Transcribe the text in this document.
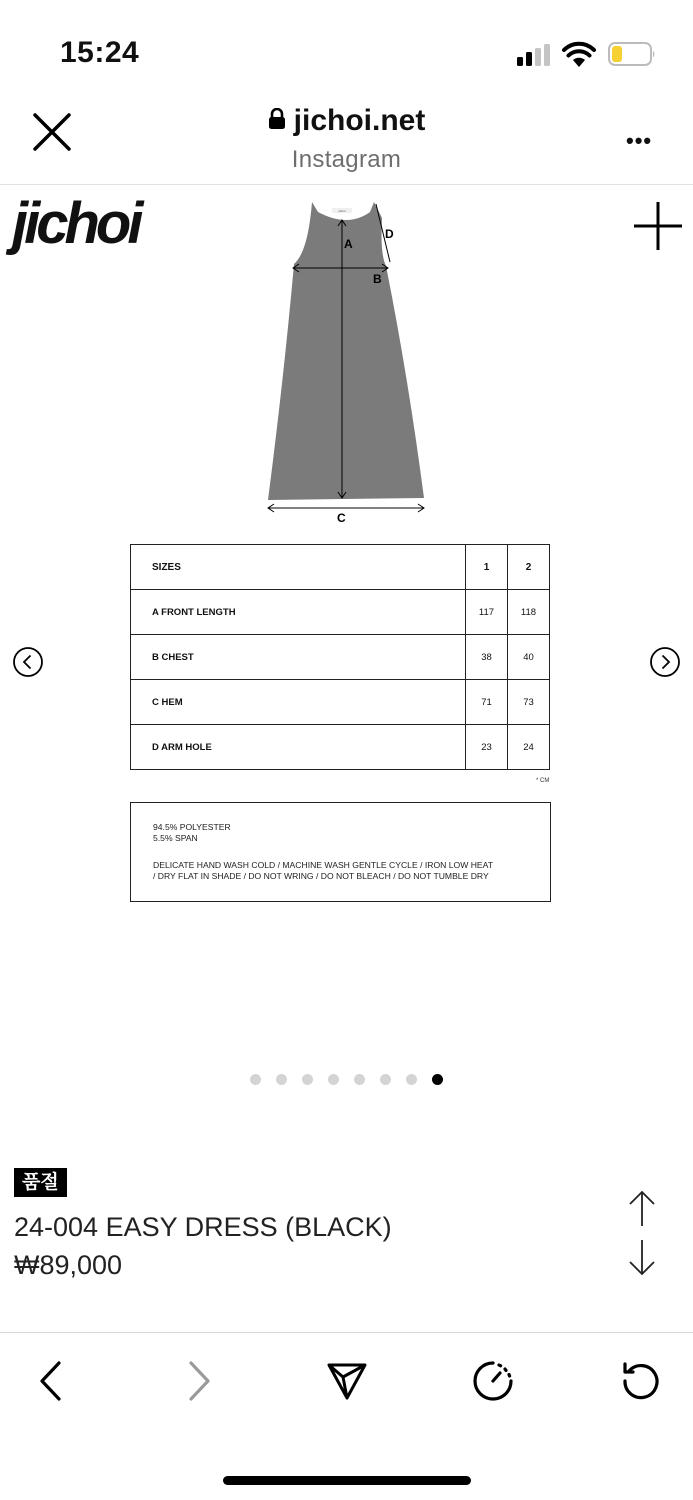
15:24
jichoi.net
Instagram
•••
jichoi	jichoi
A
B
C
D
SIZES	1	2
A FRONT LENGTH	117	118
B CHEST	38	40
C HEM	71	73
D ARM HOLE	23	24
* CM
94.5% POLYESTER
5.5% SPAN
DELICATE HAND WASH COLD / MACHINE WASH GENTLE CYCLE / IRON LOW HEAT
/ DRY FLAT IN SHADE / DO NOT WRING / DO NOT BLEACH / DO NOT TUMBLE DRY
품절
24-004 EASY DRESS (BLACK)
₩89,000
